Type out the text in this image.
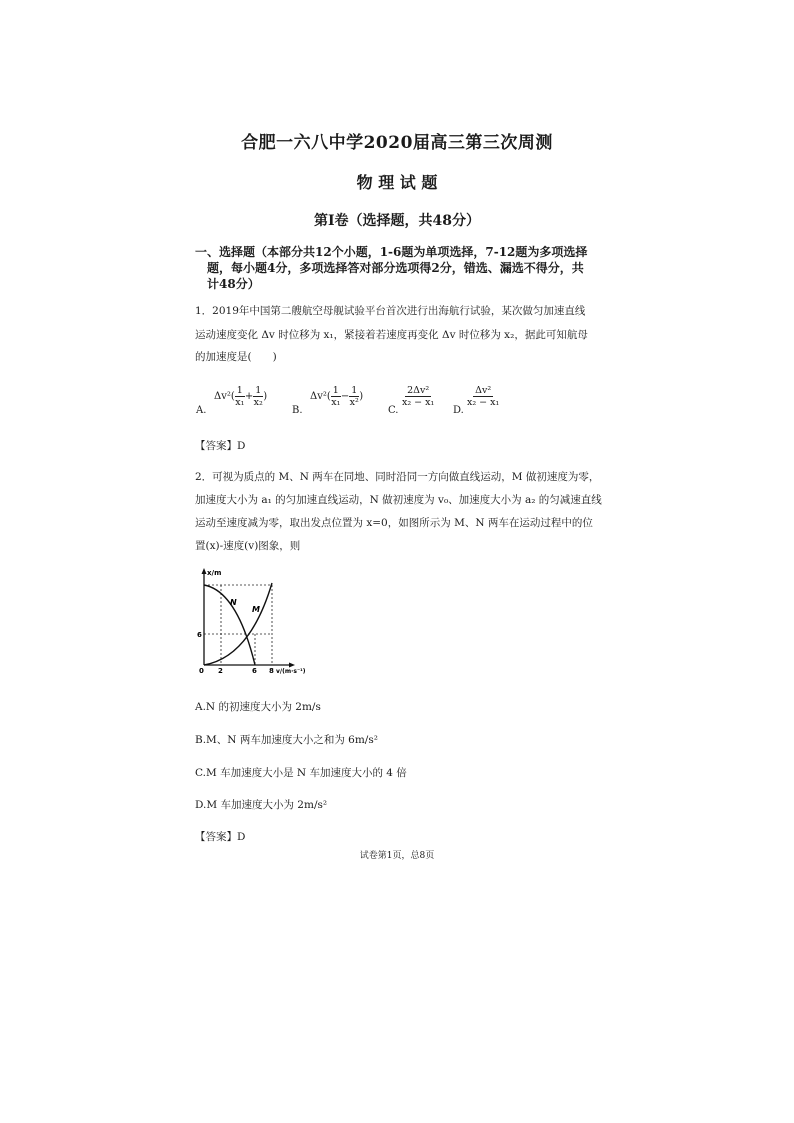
合肥一六八中学2020届高三第三次周测
物 理 试 题
第Ⅰ卷（选择题，共48分）
一、选择题（本部分共12个小题，1-6题为单项选择，7-12题为多项选择
题，每小题4分，多项选择答对部分选项得2分，错选、漏选不得分，共
计48分）
1．2019年中国第二艘航空母舰试验平台首次进行出海航行试验，某次做匀加速直线
运动速度变化 Δv 时位移为 x₁，紧接着若速度再变化 Δv 时位移为 x₂，据此可知航母
的加速度是(　　)
A.
$\Delta v^2( \frac{1}{\text{x₁}} + \frac{1}{\text{x₂}}$ )
B.
$\Delta v^2( \frac{1}{\text{x₁}} - \frac{1}{\text{x²}}$ )
C.
$\frac{\text{2Δv²}}{\text{x₂ − x₁}}$
D.
$\frac{\text{Δv²}}{\text{x₂ − x₁}}$
【答案】D
2．可视为质点的 M、N 两车在同地、同时沿同一方向做直线运动，M 做初速度为零，
加速度大小为 a₁ 的匀加速直线运动，N 做初速度为 v₀、加速度大小为 a₂ 的匀减速直线
运动至速度减为零，取出发点位置为 x=0，如图所示为 M、N 两车在运动过程中的位
置(x)-速度(v)图象，则
x/m
v/(m·s⁻¹)
0 2	6 8
6
N
M
A.N 的初速度大小为 2m/s
B.M、N 两车加速度大小之和为 6m/s²
C.M 车加速度大小是 N 车加速度大小的 4 倍
D.M 车加速度大小为 2m/s²
【答案】D
试卷第1页，总8页
